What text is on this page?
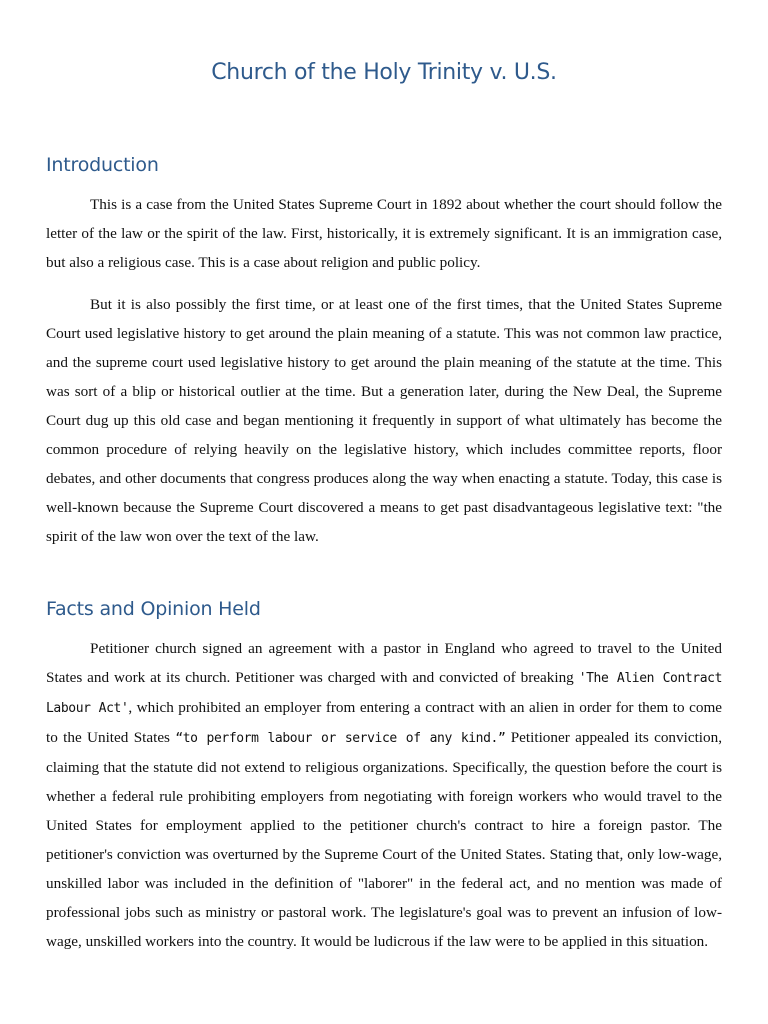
Church of the Holy Trinity v. U.S.
Introduction

This is a case from the United States Supreme Court in 1892 about whether the court should follow the letter of the law or the spirit of the law. First, historically, it is extremely significant. It is an immigration case, but also a religious case. This is a case about religion and public policy.

But it is also possibly the first time, or at least one of the first times, that the United States Supreme Court used legislative history to get around the plain meaning of a statute. This was not common law practice, and the supreme court used legislative history to get around the plain meaning of the statute at the time. This was sort of a blip or historical outlier at the time. But a generation later, during the New Deal, the Supreme Court dug up this old case and began mentioning it frequently in support of what ultimately has become the common procedure of relying heavily on the legislative history, which includes committee reports, floor debates, and other documents that congress produces along the way when enacting a statute. Today, this case is well-known because the Supreme Court discovered a means to get past disadvantageous legislative text: "the spirit of the law won over the text of the law.

Facts and Opinion Held

Petitioner church signed an agreement with a pastor in England who agreed to travel to the United States and work at its church. Petitioner was charged with and convicted of breaking 'The Alien Contract Labour Act', which prohibited an employer from entering a contract with an alien in order for them to come to the United States “to perform labour or service of any kind.” Petitioner appealed its conviction, claiming that the statute did not extend to religious organizations. Specifically, the question before the court is whether a federal rule prohibiting employers from negotiating with foreign workers who would travel to the United States for employment applied to the petitioner church's contract to hire a foreign pastor. The petitioner's conviction was overturned by the Supreme Court of the United States. Stating that, only low-wage, unskilled labor was included in the definition of "laborer" in the federal act, and no mention was made of professional jobs such as ministry or pastoral work. The legislature's goal was to prevent an infusion of low-wage, unskilled workers into the country. It would be ludicrous if the law were to be applied in this situation.
